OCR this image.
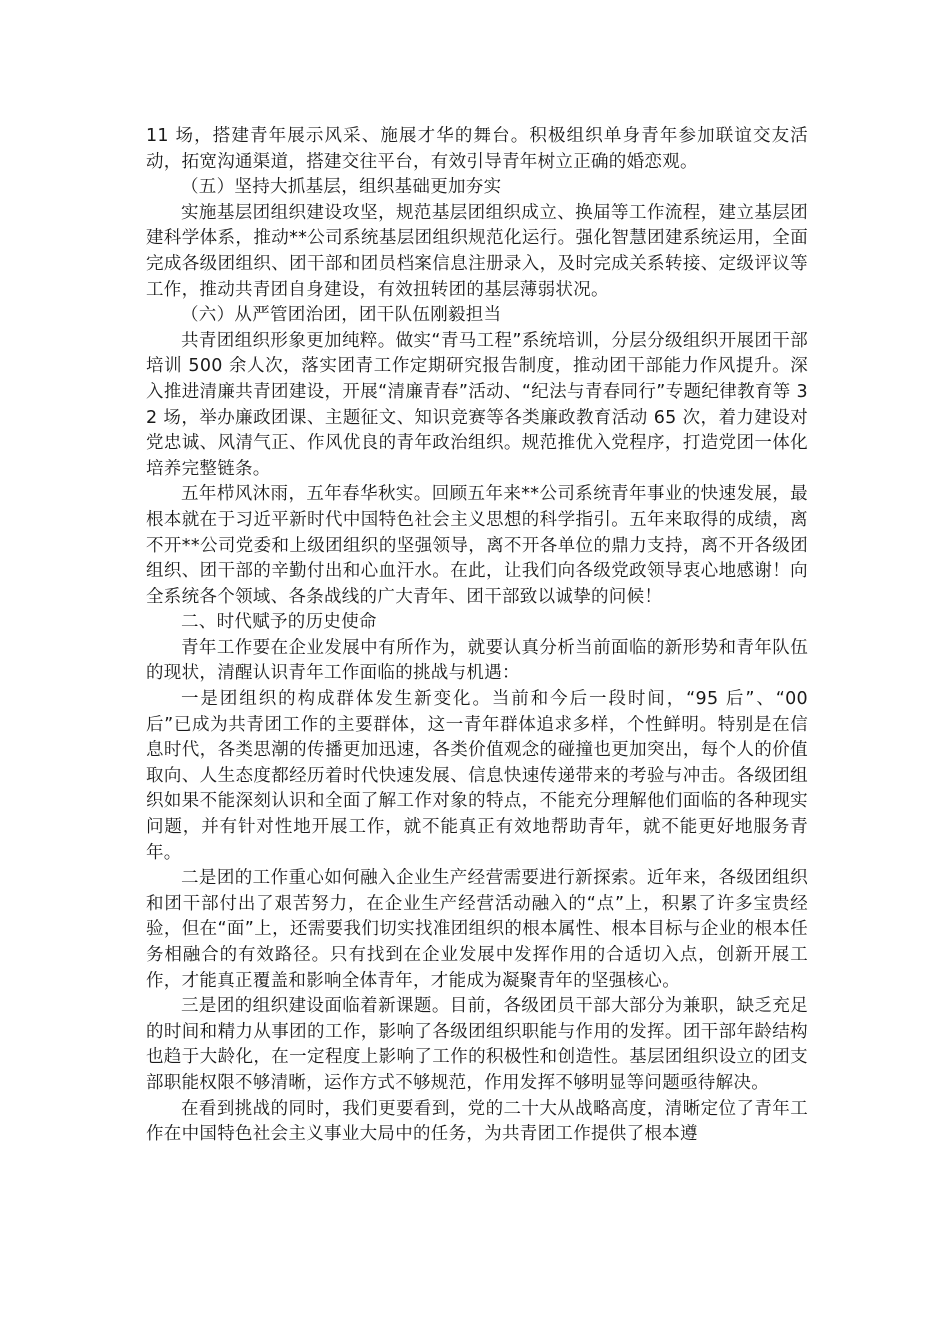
11 场，搭建青年展示风采、施展才华的舞台。积极组织单身青年参加联谊交友活动，拓宽沟通渠道，搭建交往平台，有效引导青年树立正确的婚恋观。

（五）坚持大抓基层，组织基础更加夯实

实施基层团组织建设攻坚，规范基层团组织成立、换届等工作流程，建立基层团建科学体系，推动**公司系统基层团组织规范化运行。强化智慧团建系统运用，全面完成各级团组织、团干部和团员档案信息注册录入，及时完成关系转接、定级评议等工作，推动共青团自身建设，有效扭转团的基层薄弱状况。

（六）从严管团治团，团干队伍刚毅担当

共青团组织形象更加纯粹。做实“青马工程”系统培训，分层分级组织开展团干部培训 500 余人次，落实团青工作定期研究报告制度，推动团干部能力作风提升。深入推进清廉共青团建设，开展“清廉青春”活动、“纪法与青春同行”专题纪律教育等 32 场，举办廉政团课、主题征文、知识竞赛等各类廉政教育活动 65 次，着力建设对党忠诚、风清气正、作风优良的青年政治组织。规范推优入党程序，打造党团一体化培养完整链条。

五年栉风沐雨，五年春华秋实。回顾五年来**公司系统青年事业的快速发展，最根本就在于习近平新时代中国特色社会主义思想的科学指引。五年来取得的成绩，离不开**公司党委和上级团组织的坚强领导，离不开各单位的鼎力支持，离不开各级团组织、团干部的辛勤付出和心血汗水。在此，让我们向各级党政领导衷心地感谢！向全系统各个领域、各条战线的广大青年、团干部致以诚挚的问候！

二、时代赋予的历史使命

青年工作要在企业发展中有所作为，就要认真分析当前面临的新形势和青年队伍的现状，清醒认识青年工作面临的挑战与机遇：

一是团组织的构成群体发生新变化。当前和今后一段时间，“95 后”、“00 后”已成为共青团工作的主要群体，这一青年群体追求多样，个性鲜明。特别是在信息时代，各类思潮的传播更加迅速，各类价值观念的碰撞也更加突出，每个人的价值取向、人生态度都经历着时代快速发展、信息快速传递带来的考验与冲击。各级团组织如果不能深刻认识和全面了解工作对象的特点，不能充分理解他们面临的各种现实问题，并有针对性地开展工作，就不能真正有效地帮助青年，就不能更好地服务青年。

二是团的工作重心如何融入企业生产经营需要进行新探索。近年来，各级团组织和团干部付出了艰苦努力，在企业生产经营活动融入的“点”上，积累了许多宝贵经验，但在“面”上，还需要我们切实找准团组织的根本属性、根本目标与企业的根本任务相融合的有效路径。只有找到在企业发展中发挥作用的合适切入点，创新开展工作，才能真正覆盖和影响全体青年，才能成为凝聚青年的坚强核心。

三是团的组织建设面临着新课题。目前，各级团员干部大部分为兼职，缺乏充足的时间和精力从事团的工作，影响了各级团组织职能与作用的发挥。团干部年龄结构也趋于大龄化，在一定程度上影响了工作的积极性和创造性。基层团组织设立的团支部职能权限不够清晰，运作方式不够规范，作用发挥不够明显等问题亟待解决。

在看到挑战的同时，我们更要看到，党的二十大从战略高度，清晰定位了青年工作在中国特色社会主义事业大局中的任务，为共青团工作提供了根本遵
